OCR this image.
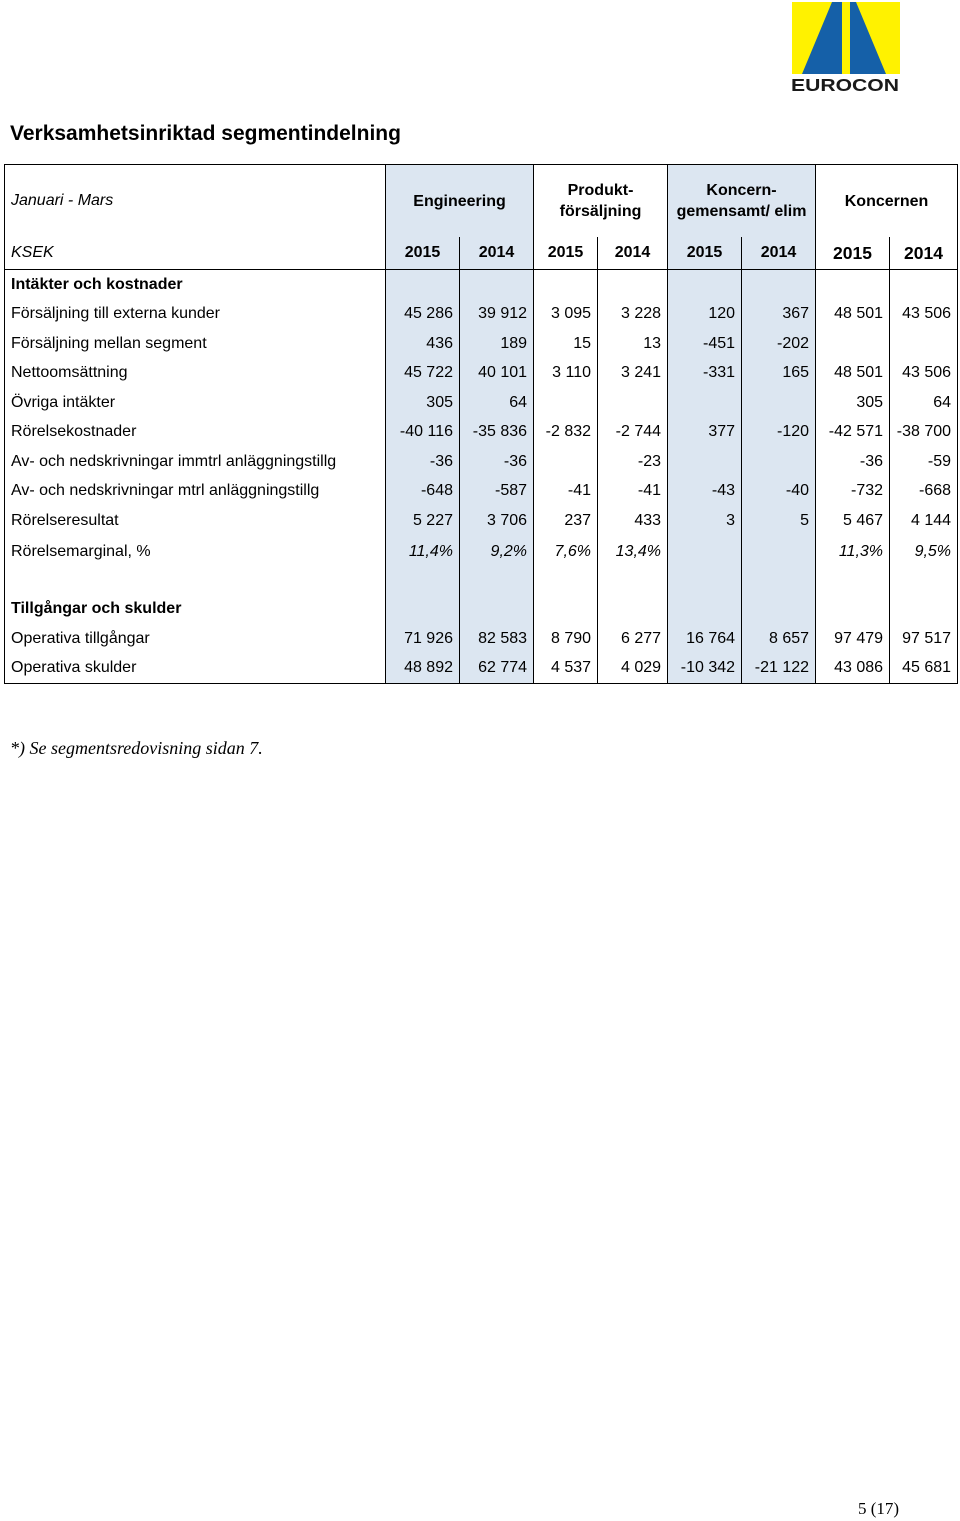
EUROCON
Verksamhetsinriktad segmentindelning
Januari - Mars	Engineering		Produkt-försäljning		Koncern-gemensamt/ elim		Koncernen	
KSEK	2015	2014	2015	2014	2015	2014	2015	2014
Intäkter och kostnader								
Försäljning till externa kunder	45 286	39 912	3 095	3 228	120	367	48 501	43 506
Försäljning mellan segment	436	189	15	13	-451	-202		
Nettoomsättning	45 722	40 101	3 110	3 241	-331	165	48 501	43 506
Övriga intäkter	305	64					305	64
Rörelsekostnader	-40 116	-35 836	-2 832	-2 744	377	-120	-42 571	-38 700
Av- och nedskrivningar immtrl anläggningstillg	-36	-36		-23			-36	-59
Av- och nedskrivningar mtrl anläggningstillg	-648	-587	-41	-41	-43	-40	-732	-668
Rörelseresultat	5 227	3 706	237	433	3	5	5 467	4 144
Rörelsemarginal, %	11,4%	9,2%	7,6%	13,4%			11,3%	9,5%

Tillgångar och skulder								
Operativa tillgångar	71 926	82 583	8 790	6 277	16 764	8 657	97 479	97 517
Operativa skulder	48 892	62 774	4 537	4 029	-10 342	-21 122	43 086	45 681

*) Se segmentsredovisning sidan 7.

5 (17)
